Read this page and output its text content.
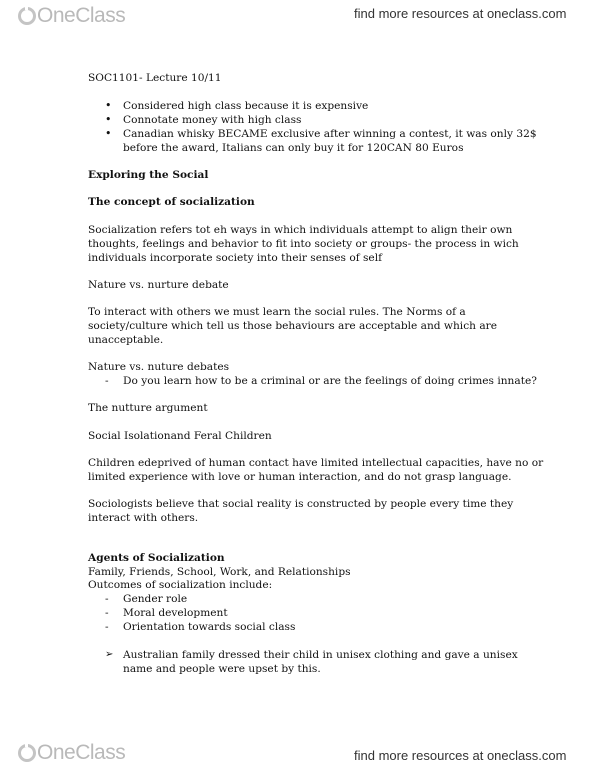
OneClass	find more resources at oneclass.com
SOC1101- Lecture 10/11
• Considered high class because it is expensive
• Connotate money with high class
• Canadian whisky BECAME exclusive after winning a contest, it was only 32$
before the award, Italians can only buy it for 120CAN 80 Euros
Exploring the Social
The concept of socialization
Socialization refers tot eh ways in which individuals attempt to align their own
thoughts, feelings and behavior to fit into society or groups- the process in wich
individuals incorporate society into their senses of self
Nature vs. nurture debate
To interact with others we must learn the social rules. The Norms of a
society/culture which tell us those behaviours are acceptable and which are
unacceptable.
Nature vs. nuture debates
- Do you learn how to be a criminal or are the feelings of doing crimes innate?
The nutture argument
Social Isolationand Feral Children
Children edeprived of human contact have limited intellectual capacities, have no or
limited experience with love or human interaction, and do not grasp language.
Sociologists believe that social reality is constructed by people every time they
interact with others.
Agents of Socialization
Family, Friends, School, Work, and Relationships
Outcomes of socialization include:
- Gender role
- Moral development
- Orientation towards social class
➢ Australian family dressed their child in unisex clothing and gave a unisex
name and people were upset by this.
OneClass	find more resources at oneclass.com
